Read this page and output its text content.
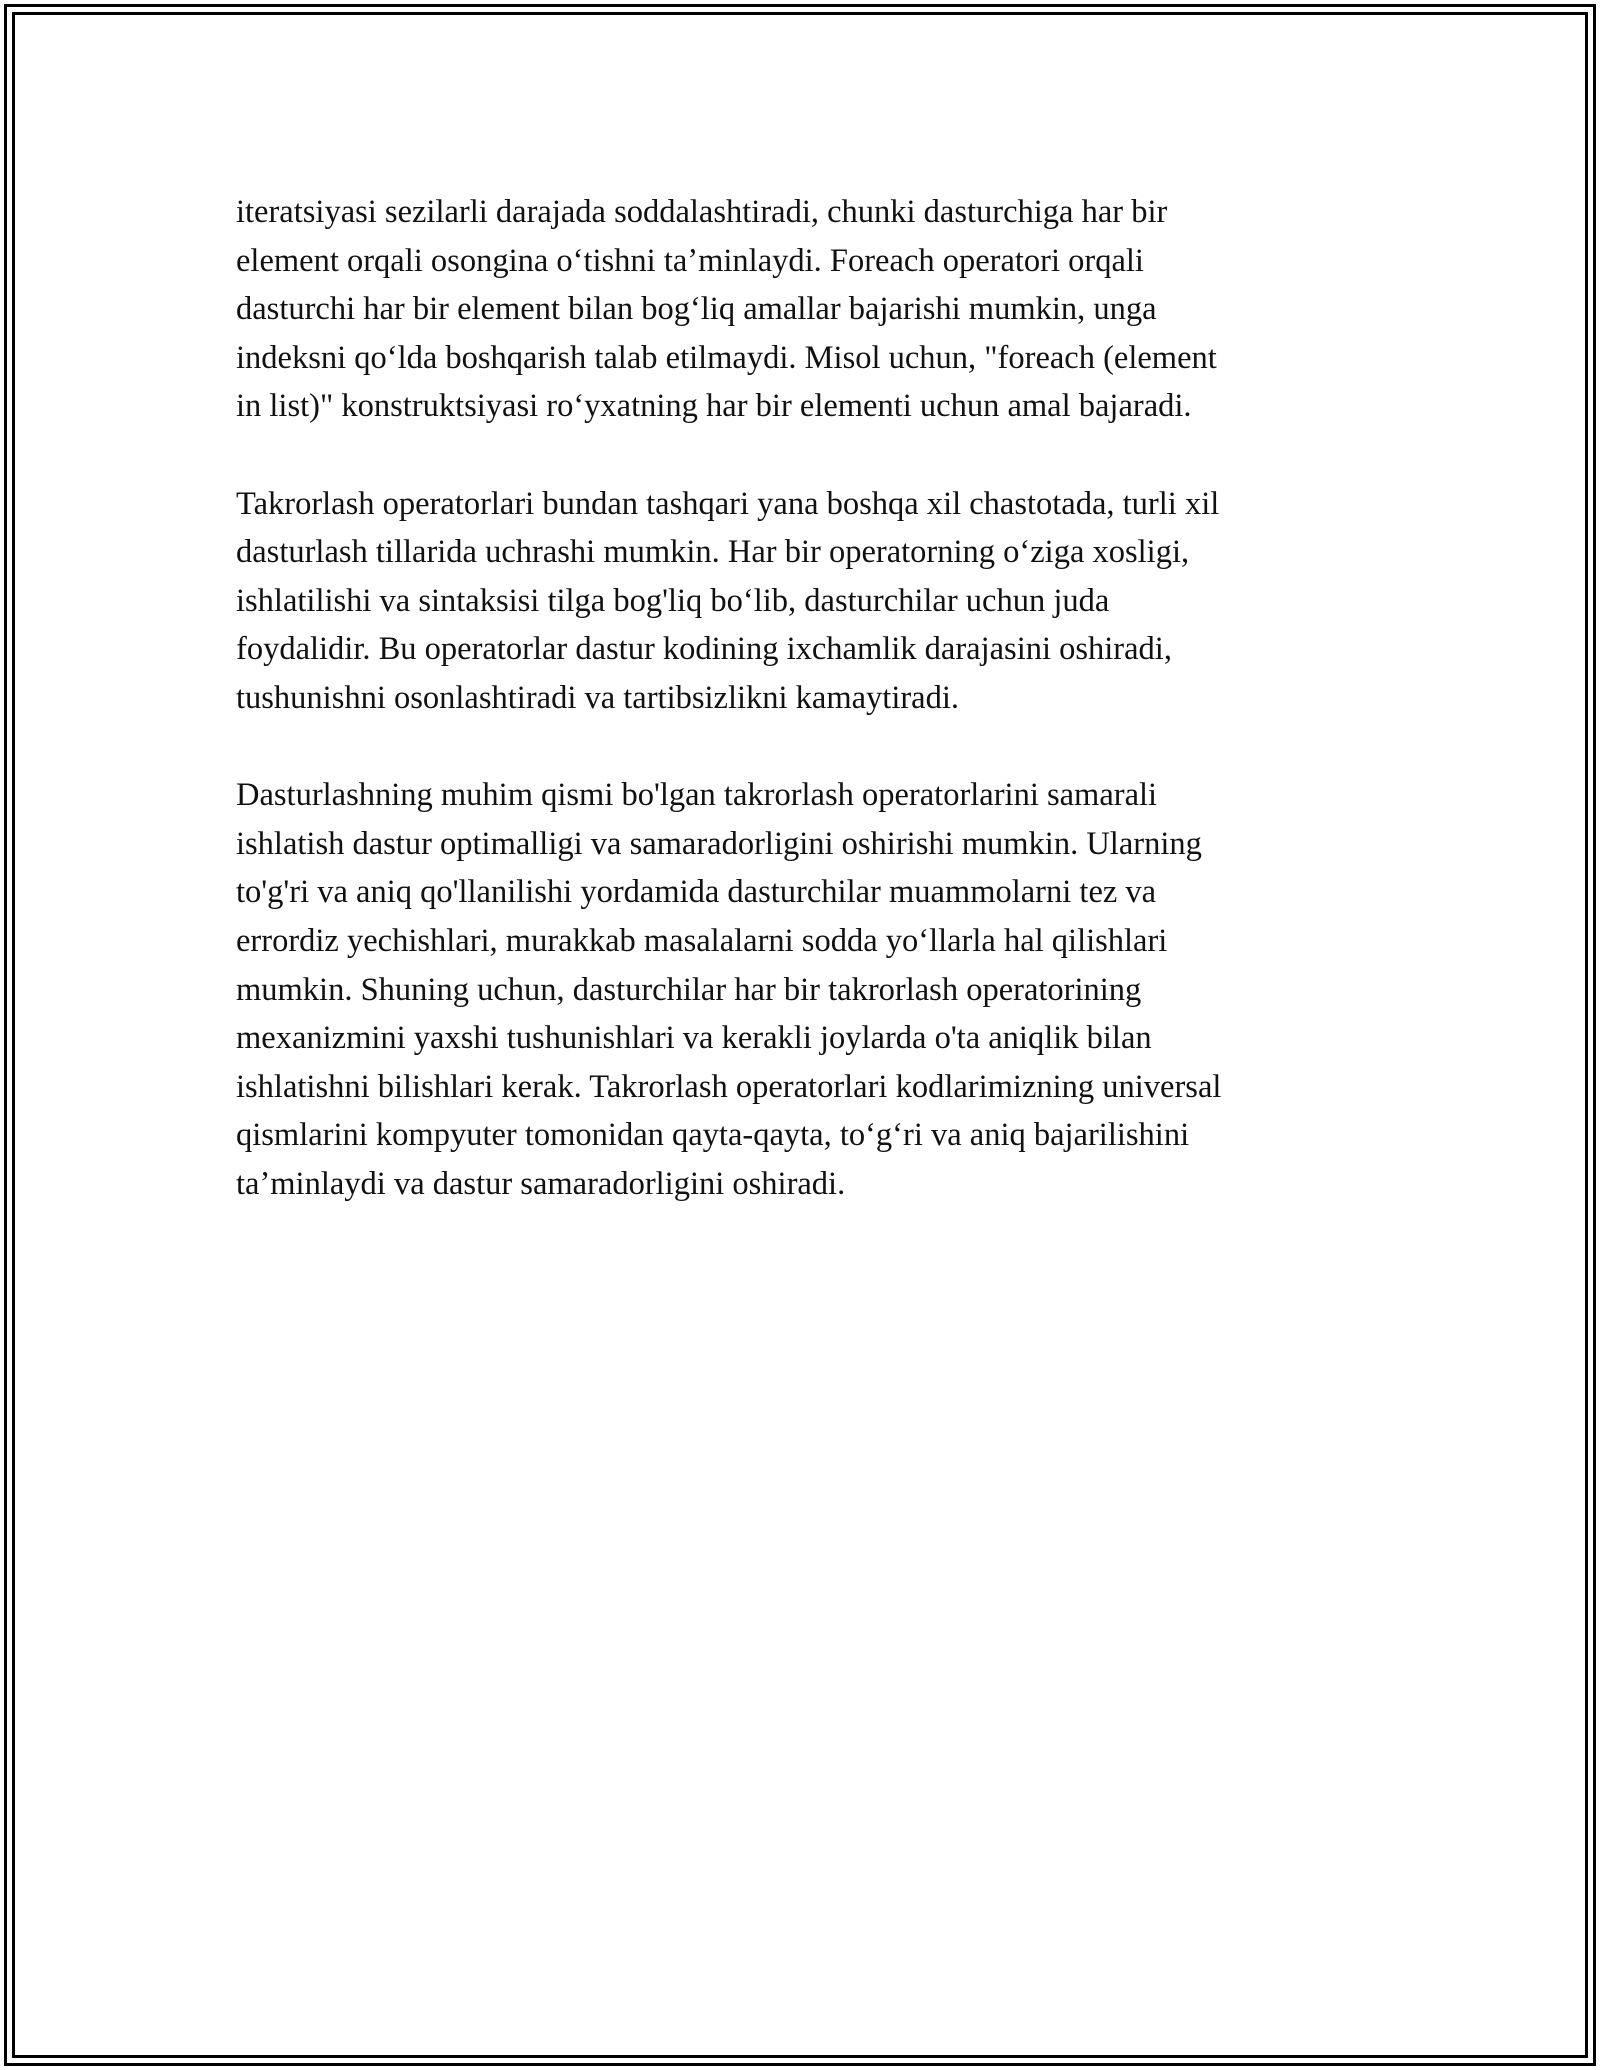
iteratsiyasi sezilarli darajada soddalashtiradi, chunki dasturchiga har bir
element orqali osongina oʻtishni taʼminlaydi. Foreach operatori orqali
dasturchi har bir element bilan bogʻliq amallar bajarishi mumkin, unga
indeksni qoʻlda boshqarish talab etilmaydi. Misol uchun, "foreach (element
in list)" konstruktsiyasi roʻyxatning har bir elementi uchun amal bajaradi.

Takrorlash operatorlari bundan tashqari yana boshqa xil chastotada, turli xil
dasturlash tillarida uchrashi mumkin. Har bir operatorning oʻziga xosligi,
ishlatilishi va sintaksisi tilga bog'liq boʻlib, dasturchilar uchun juda
foydalidir. Bu operatorlar dastur kodining ixchamlik darajasini oshiradi,
tushunishni osonlashtiradi va tartibsizlikni kamaytiradi.

Dasturlashning muhim qismi bo'lgan takrorlash operatorlarini samarali
ishlatish dastur optimalligi va samaradorligini oshirishi mumkin. Ularning
to'g'ri va aniq qo'llanilishi yordamida dasturchilar muammolarni tez va
errordiz yechishlari, murakkab masalalarni sodda yoʻllarla hal qilishlari
mumkin. Shuning uchun, dasturchilar har bir takrorlash operatorining
mexanizmini yaxshi tushunishlari va kerakli joylarda o'ta aniqlik bilan
ishlatishni bilishlari kerak. Takrorlash operatorlari kodlarimizning universal
qismlarini kompyuter tomonidan qayta-qayta, toʻgʻri va aniq bajarilishini
taʼminlaydi va dastur samaradorligini oshiradi.
